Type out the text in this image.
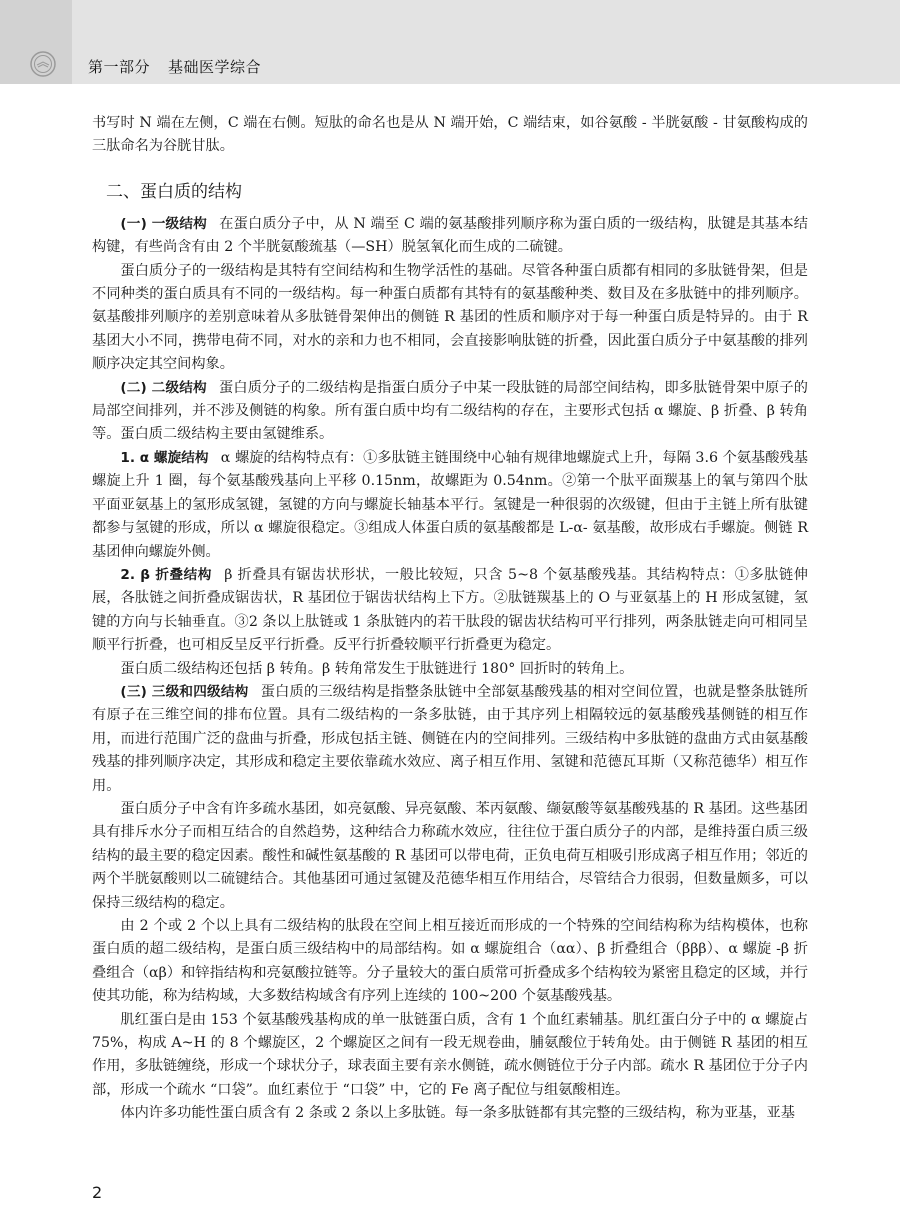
第一部分 基础医学综合

书写时 N 端在左侧，C 端在右侧。短肽的命名也是从 N 端开始，C 端结束，如谷氨酸 - 半胱氨酸 - 甘氨酸构成的三肽命名为谷胱甘肽。

二、蛋白质的结构

(一) 一级结构 在蛋白质分子中，从 N 端至 C 端的氨基酸排列顺序称为蛋白质的一级结构，肽键是其基本结构键，有些尚含有由 2 个半胱氨酸巯基（—SH）脱氢氧化而生成的二硫键。

蛋白质分子的一级结构是其特有空间结构和生物学活性的基础。尽管各种蛋白质都有相同的多肽链骨架，但是不同种类的蛋白质具有不同的一级结构。每一种蛋白质都有其特有的氨基酸种类、数目及在多肽链中的排列顺序。氨基酸排列顺序的差别意味着从多肽链骨架伸出的侧链 R 基团的性质和顺序对于每一种蛋白质是特异的。由于 R 基团大小不同，携带电荷不同，对水的亲和力也不相同，会直接影响肽链的折叠，因此蛋白质分子中氨基酸的排列顺序决定其空间构象。

(二) 二级结构 蛋白质分子的二级结构是指蛋白质分子中某一段肽链的局部空间结构，即多肽链骨架中原子的局部空间排列，并不涉及侧链的构象。所有蛋白质中均有二级结构的存在，主要形式包括 α 螺旋、β 折叠、β 转角等。蛋白质二级结构主要由氢键维系。

1. α 螺旋结构 α 螺旋的结构特点有：①多肽链主链围绕中心轴有规律地螺旋式上升，每隔 3.6 个氨基酸残基螺旋上升 1 圈，每个氨基酸残基向上平移 0.15nm，故螺距为 0.54nm。②第一个肽平面羰基上的氧与第四个肽平面亚氨基上的氢形成氢键，氢键的方向与螺旋长轴基本平行。氢键是一种很弱的次级键，但由于主链上所有肽键都参与氢键的形成，所以 α 螺旋很稳定。③组成人体蛋白质的氨基酸都是 L-α- 氨基酸，故形成右手螺旋。侧链 R 基团伸向螺旋外侧。

2. β 折叠结构 β 折叠具有锯齿状形状，一般比较短，只含 5~8 个氨基酸残基。其结构特点：①多肽链伸展，各肽链之间折叠成锯齿状，R 基团位于锯齿状结构上下方。②肽链羰基上的 O 与亚氨基上的 H 形成氢键，氢键的方向与长轴垂直。③2 条以上肽链或 1 条肽链内的若干肽段的锯齿状结构可平行排列，两条肽链走向可相同呈顺平行折叠，也可相反呈反平行折叠。反平行折叠较顺平行折叠更为稳定。

蛋白质二级结构还包括 β 转角。β 转角常发生于肽链进行 180° 回折时的转角上。

(三) 三级和四级结构 蛋白质的三级结构是指整条肽链中全部氨基酸残基的相对空间位置，也就是整条肽链所有原子在三维空间的排布位置。具有二级结构的一条多肽链，由于其序列上相隔较远的氨基酸残基侧链的相互作用，而进行范围广泛的盘曲与折叠，形成包括主链、侧链在内的空间排列。三级结构中多肽链的盘曲方式由氨基酸残基的排列顺序决定，其形成和稳定主要依靠疏水效应、离子相互作用、氢键和范德瓦耳斯（又称范德华）相互作用。

蛋白质分子中含有许多疏水基团，如亮氨酸、异亮氨酸、苯丙氨酸、缬氨酸等氨基酸残基的 R 基团。这些基团具有排斥水分子而相互结合的自然趋势，这种结合力称疏水效应，往往位于蛋白质分子的内部，是维持蛋白质三级结构的最主要的稳定因素。酸性和碱性氨基酸的 R 基团可以带电荷，正负电荷互相吸引形成离子相互作用；邻近的两个半胱氨酸则以二硫键结合。其他基团可通过氢键及范德华相互作用结合，尽管结合力很弱，但数量颇多，可以保持三级结构的稳定。

由 2 个或 2 个以上具有二级结构的肽段在空间上相互接近而形成的一个特殊的空间结构称为结构模体，也称蛋白质的超二级结构，是蛋白质三级结构中的局部结构。如 α 螺旋组合（αα）、β 折叠组合（βββ）、α 螺旋 -β 折叠组合（αβ）和锌指结构和亮氨酸拉链等。分子量较大的蛋白质常可折叠成多个结构较为紧密且稳定的区域，并行使其功能，称为结构域，大多数结构域含有序列上连续的 100~200 个氨基酸残基。

肌红蛋白是由 153 个氨基酸残基构成的单一肽链蛋白质，含有 1 个血红素辅基。肌红蛋白分子中的 α 螺旋占 75%，构成 A~H 的 8 个螺旋区，2 个螺旋区之间有一段无规卷曲，脯氨酸位于转角处。由于侧链 R 基团的相互作用，多肽链缠绕，形成一个球状分子，球表面主要有亲水侧链，疏水侧链位于分子内部。疏水 R 基团位于分子内部，形成一个疏水 “口袋”。血红素位于 “口袋” 中，它的 Fe 离子配位与组氨酸相连。

体内许多功能性蛋白质含有 2 条或 2 条以上多肽链。每一条多肽链都有其完整的三级结构，称为亚基，亚基

2
